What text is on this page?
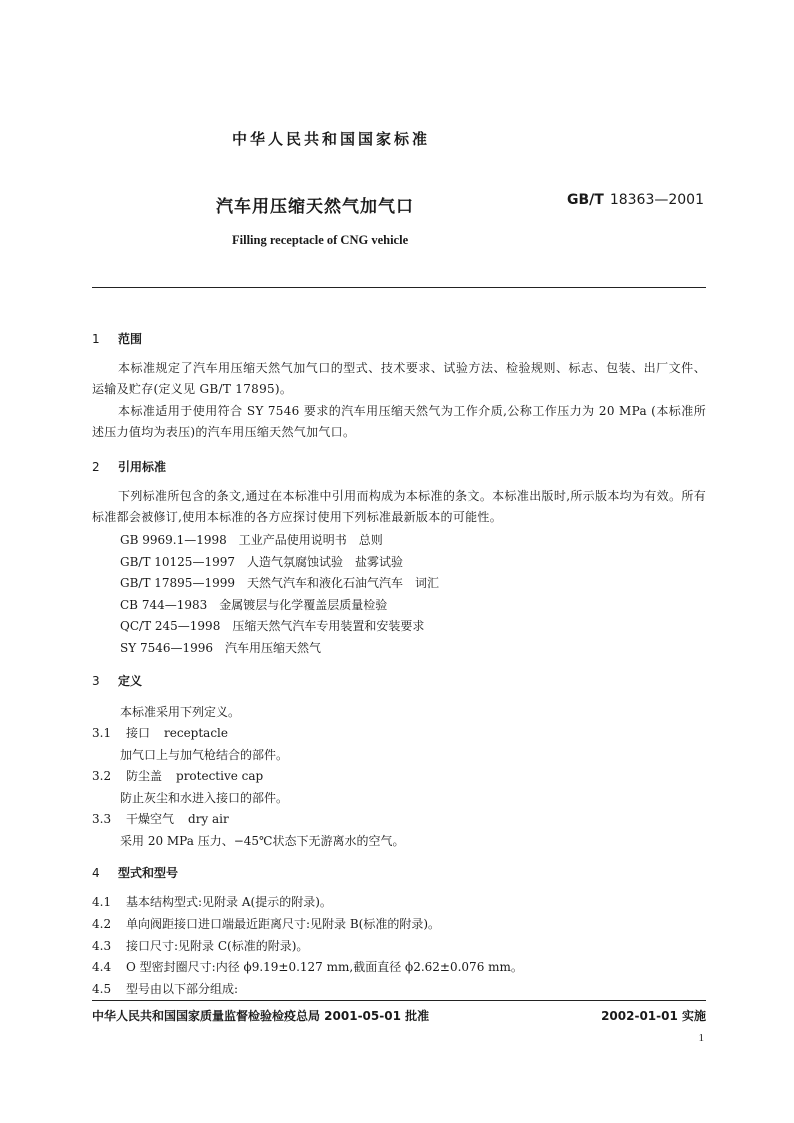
中华人民共和国国家标准
汽车用压缩天然气加气口	GB/T 18363—2001
Filling receptacle of CNG vehicle
1 范围
本标准规定了汽车用压缩天然气加气口的型式、技术要求、试验方法、检验规则、标志、包装、出厂文件、运输及贮存(定义见 GB/T 17895)。
本标准适用于使用符合 SY 7546 要求的汽车用压缩天然气为工作介质,公称工作压力为 20 MPa (本标准所述压力值均为表压)的汽车用压缩天然气加气口。
2 引用标准
下列标准所包含的条文,通过在本标准中引用而构成为本标准的条文。本标准出版时,所示版本均为有效。所有标准都会被修订,使用本标准的各方应探讨使用下列标准最新版本的可能性。
GB 9969.1—1998 工业产品使用说明书　总则
GB/T 10125—1997 人造气氛腐蚀试验　盐雾试验
GB/T 17895—1999 天然气汽车和液化石油气汽车　词汇
CB 744—1983 金属镀层与化学覆盖层质量检验
QC/T 245—1998 压缩天然气汽车专用装置和安装要求
SY 7546—1996 汽车用压缩天然气
3 定义
本标准采用下列定义。
3.1 接口 receptacle
加气口上与加气枪结合的部件。
3.2 防尘盖 protective cap
防止灰尘和水进入接口的部件。
3.3 干燥空气 dry air
采用 20 MPa 压力、−45℃状态下无游离水的空气。
4 型式和型号
4.1 基本结构型式:见附录 A(提示的附录)。
4.2 单向阀距接口进口端最近距离尺寸:见附录 B(标准的附录)。
4.3 接口尺寸:见附录 C(标准的附录)。
4.4 O 型密封圈尺寸:内径 ϕ9.19±0.127 mm,截面直径 ϕ2.62±0.076 mm。
4.5 型号由以下部分组成:
中华人民共和国国家质量监督检验检疫总局 2001-05-01 批准	2002-01-01 实施
1
